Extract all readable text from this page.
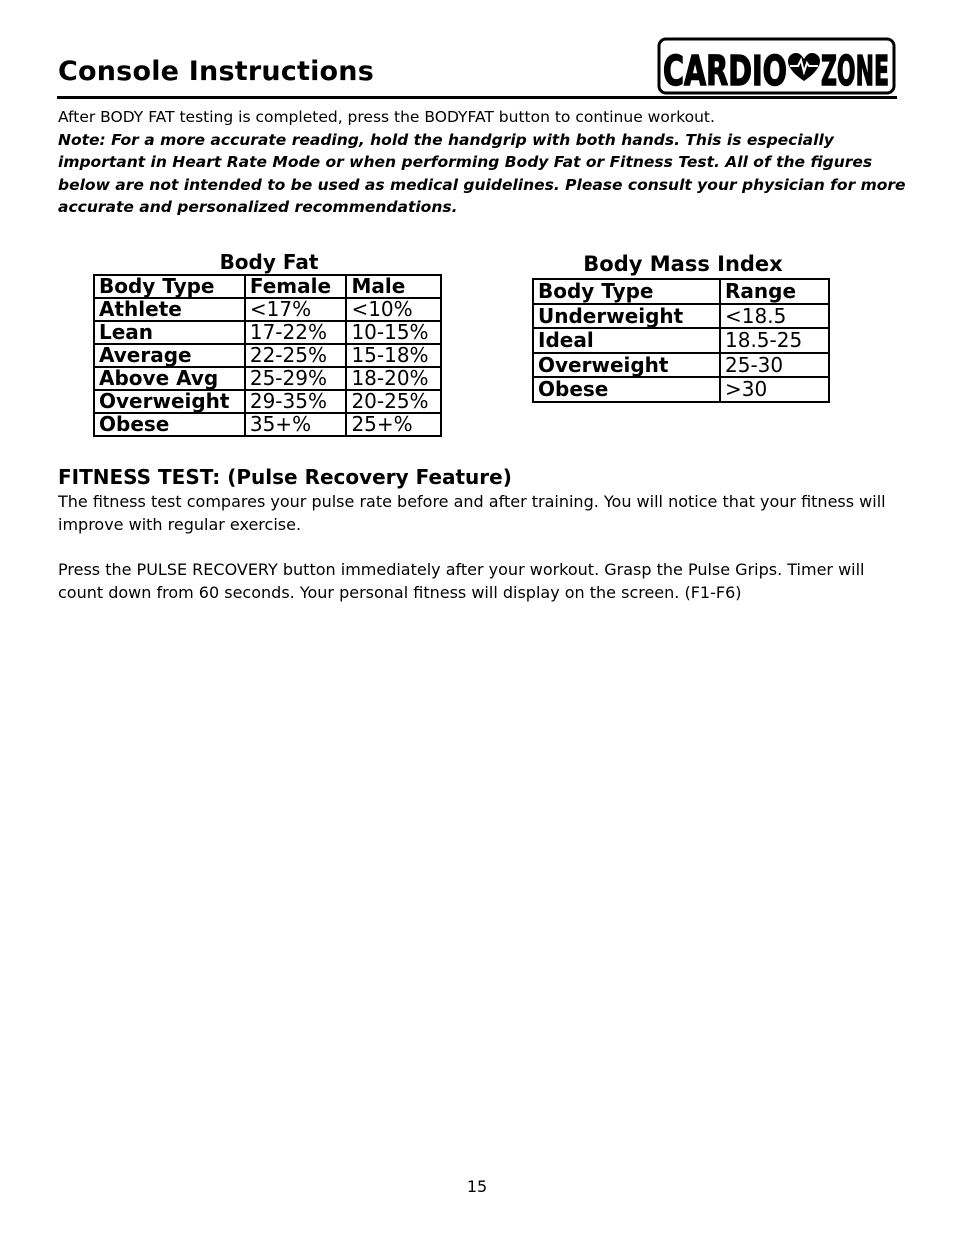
Console Instructions	CARDIO ZONE

After BODY FAT testing is completed, press the BODYFAT button to continue workout.

Note: For a more accurate reading, hold the handgrip with both hands. This is especially important in Heart Rate Mode or when performing Body Fat or Fitness Test. All of the figures below are not intended to be used as medical guidelines. Please consult your physician for more accurate and personalized recommendations.

Body Fat
Body Type	Female	Male
Athlete	<17%	<10%
Lean	17-22%	10-15%
Average	22-25%	15-18%
Above Avg	25-29%	18-20%
Overweight	29-35%	20-25%
Obese	35+%	25+%
Body Mass Index
Body Type	Range
Underweight	<18.5
Ideal	18.5-25
Overweight	25-30
Obese	>30
FITNESS TEST: (Pulse Recovery Feature)

The fitness test compares your pulse rate before and after training. You will notice that your fitness will improve with regular exercise.

Press the PULSE RECOVERY button immediately after your workout. Grasp the Pulse Grips. Timer will count down from 60 seconds. Your personal fitness will display on the screen. (F1-F6)

15
